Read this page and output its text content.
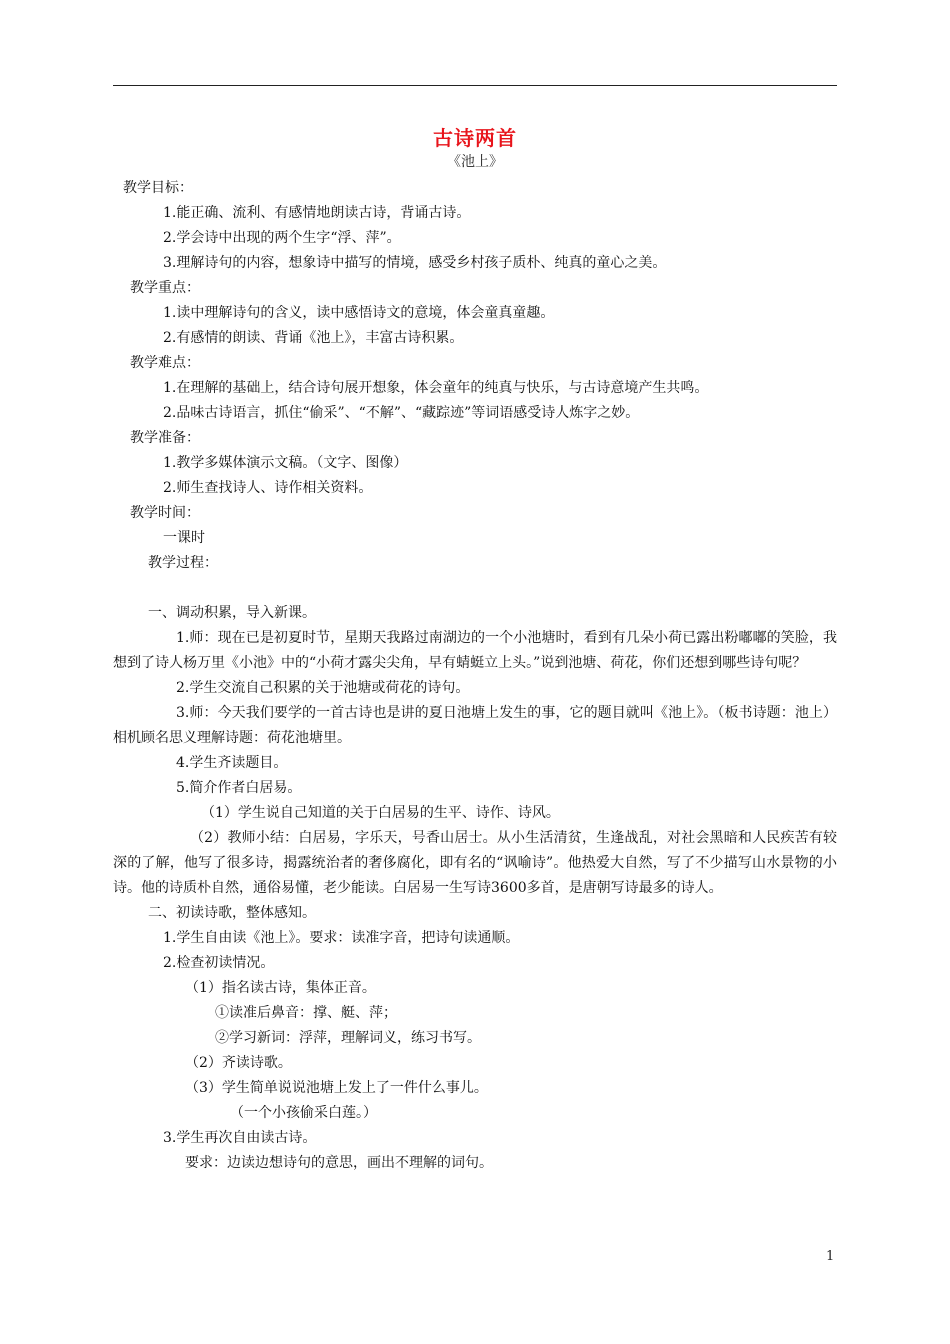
古诗两首
《池上》
教学目标：
1.能正确、流利、有感情地朗读古诗，背诵古诗。
2.学会诗中出现的两个生字“浮、萍”。
3.理解诗句的内容，想象诗中描写的情境，感受乡村孩子质朴、纯真的童心之美。
教学重点：
1.读中理解诗句的含义，读中感悟诗文的意境，体会童真童趣。
2.有感情的朗读、背诵《池上》，丰富古诗积累。
教学难点：
1.在理解的基础上，结合诗句展开想象，体会童年的纯真与快乐，与古诗意境产生共鸣。
2.品味古诗语言，抓住“偷采”、“不解”、“藏踪迹”等词语感受诗人炼字之妙。
教学准备：
1.教学多媒体演示文稿。（文字、图像）
2.师生查找诗人、诗作相关资料。
教学时间：
一课时
教学过程：
一、调动积累，导入新课。
1.师：现在已是初夏时节，星期天我路过南湖边的一个小池塘时，看到有几朵小荷已露出粉嘟嘟的笑脸，我想到了诗人杨万里《小池》中的“小荷才露尖尖角，早有蜻蜓立上头。”说到池塘、荷花，你们还想到哪些诗句呢？
2.学生交流自己积累的关于池塘或荷花的诗句。
3.师：今天我们要学的一首古诗也是讲的夏日池塘上发生的事，它的题目就叫《池上》。（板书诗题：池上）相机顾名思义理解诗题：荷花池塘里。
4.学生齐读题目。
5.简介作者白居易。
（1）学生说自己知道的关于白居易的生平、诗作、诗风。
（2）教师小结：白居易，字乐天，号香山居士。从小生活清贫，生逢战乱，对社会黑暗和人民疾苦有较深的了解，他写了很多诗，揭露统治者的奢侈腐化，即有名的“讽喻诗”。他热爱大自然，写了不少描写山水景物的小诗。他的诗质朴自然，通俗易懂，老少能读。白居易一生写诗3600多首，是唐朝写诗最多的诗人。
二、初读诗歌，整体感知。
1.学生自由读《池上》。要求：读准字音，把诗句读通顺。
2.检查初读情况。
（1）指名读古诗，集体正音。
①读准后鼻音：撑、艇、萍；
②学习新词：浮萍，理解词义，练习书写。
（2）齐读诗歌。
（3）学生简单说说池塘上发上了一件什么事儿。
（一个小孩偷采白莲。）
3.学生再次自由读古诗。
要求：边读边想诗句的意思，画出不理解的词句。
1
